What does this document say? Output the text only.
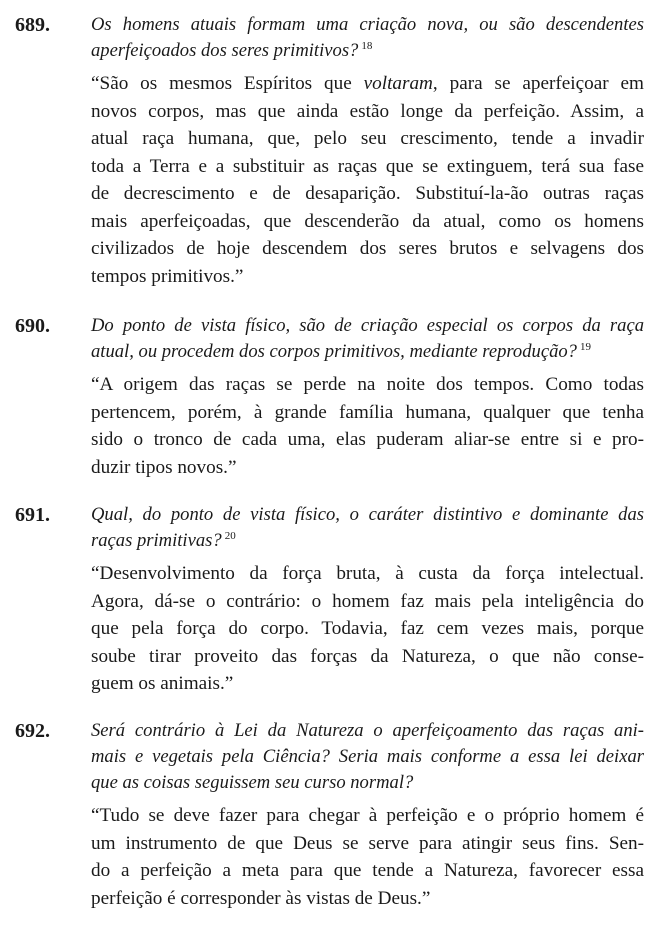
689. Os homens atuais formam uma criação nova, ou são descendentes
aperfeiçoados dos seres primitivos? $^{18}$

“São os mesmos Espíritos que voltaram, para se aperfeiçoar em
novos corpos, mas que ainda estão longe da perfeição. Assim, a
atual raça humana, que, pelo seu crescimento, tende a invadir
toda a Terra e a substituir as raças que se extinguem, terá sua fase
de decrescimento e de desaparição. Substituí-la-ão outras raças
mais aperfeiçoadas, que descenderão da atual, como os homens
civilizados de hoje descendem dos seres brutos e selvagens dos
tempos primitivos.”

690. Do ponto de vista físico, são de criação especial os corpos da raça
atual, ou procedem dos corpos primitivos, mediante reprodução? $^{19}$

“A origem das raças se perde na noite dos tempos. Como todas
pertencem, porém, à grande família humana, qualquer que tenha
sido o tronco de cada uma, elas puderam aliar-se entre si e pro-
duzir tipos novos.”

691. Qual, do ponto de vista físico, o caráter distintivo e dominante das
raças primitivas? $^{20}$

“Desenvolvimento da força bruta, à custa da força intelectual.
Agora, dá-se o contrário: o homem faz mais pela inteligência do
que pela força do corpo. Todavia, faz cem vezes mais, porque
soube tirar proveito das forças da Natureza, o que não conse-
guem os animais.”

692. Será contrário à Lei da Natureza o aperfeiçoamento das raças ani-
mais e vegetais pela Ciência? Seria mais conforme a essa lei deixar
que as coisas seguissem seu curso normal?

“Tudo se deve fazer para chegar à perfeição e o próprio homem é
um instrumento de que Deus se serve para atingir seus fins. Sen-
do a perfeição a meta para que tende a Natureza, favorecer essa
perfeição é corresponder às vistas de Deus.”
